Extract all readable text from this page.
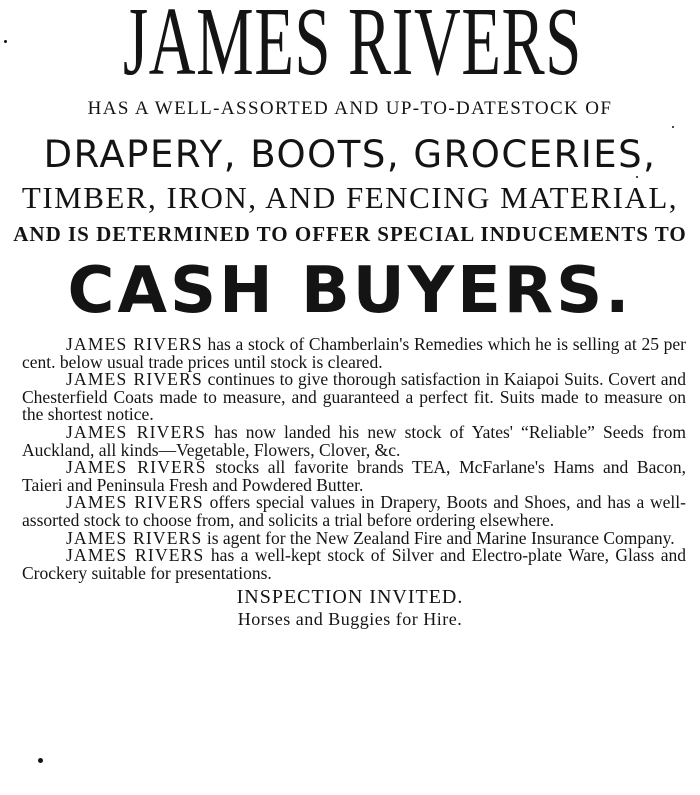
JAMES RIVERS
HAS A WELL-ASSORTED AND UP-TO-DATESTOCK OF
DRAPERY, BOOTS, GROCERIES,
TIMBER, IRON, AND FENCING MATERIAL,
AND IS DETERMINED TO OFFER SPECIAL INDUCEMENTS TO
CASH BUYERS.

JAMES RIVERS has a stock of Chamberlain's Remedies which he is selling at 25 per cent. below usual trade prices until stock is cleared.

JAMES RIVERS continues to give thorough satisfaction in Kaiapoi Suits. Covert and Chesterfield Coats made to measure, and guaranteed a perfect fit. Suits made to measure on the shortest notice.

JAMES RIVERS has now landed his new stock of Yates' “Reliable” Seeds from Auckland, all kinds—Vegetable, Flowers, Clover, &c.

JAMES RIVERS stocks all favorite brands TEA, McFarlane's Hams and Bacon, Taieri and Peninsula Fresh and Powdered Butter.

JAMES RIVERS offers special values in Drapery, Boots and Shoes, and has a well-assorted stock to choose from, and solicits a trial before ordering elsewhere.

JAMES RIVERS is agent for the New Zealand Fire and Marine Insurance Company.

JAMES RIVERS has a well-kept stock of Silver and Electro-plate Ware, Glass and Crockery suitable for presentations.

INSPECTION INVITED.
Horses and Buggies for Hire.
